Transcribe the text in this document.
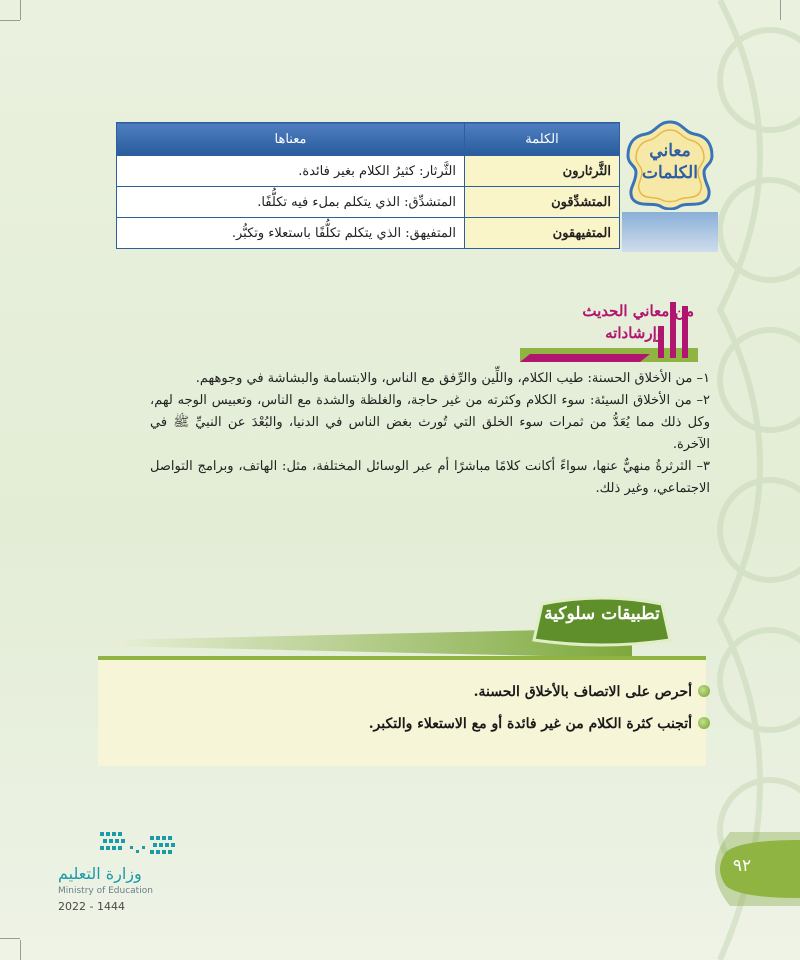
الكلمة	معناها
الثَّرثارون	الثَّرثار: كثيرُ الكلام بغير فائدة.
المتشدِّقون	المتشدِّق: الذي يتكلم بملء فيه تكلُّفًا.
المتفيهقون	المتفيهق: الذي يتكلم تكلُّفًا باستعلاء وتكبُّر.
معاني
الكلمات
من معاني الحديث
وإرشاداته

١– من الأخلاق الحسنة: طيب الكلام، واللِّين والرِّفق مع الناس، والابتسامة والبشاشة في وجوههم.

٢– من الأخلاق السيئة: سوء الكلام وكثرته من غير حاجة، والغلظة والشدة مع الناس، وتعبيس الوجه لهم، وكل ذلك مما يُعَدُّ من ثمرات سوء الخلق التي تُورث بغض الناس في الدنيا، والبُعْدَ عن النبيِّ ﷺ في الآخرة.

٣– الثرثرةُ منهيٌّ عنها، سواءً أكانت كلامًا مباشرًا أم عبر الوسائل المختلفة، مثل: الهاتف، وبرامج التواصل الاجتماعي، وغير ذلك.

تطبيقات سلوكية
أحرص على الاتصاف بالأخلاق الحسنة.
أتجنب كثرة الكلام من غير فائدة أو مع الاستعلاء والتكبر.
وزارة التعليم
Ministry of Education
2022 - 1444
٩٢
